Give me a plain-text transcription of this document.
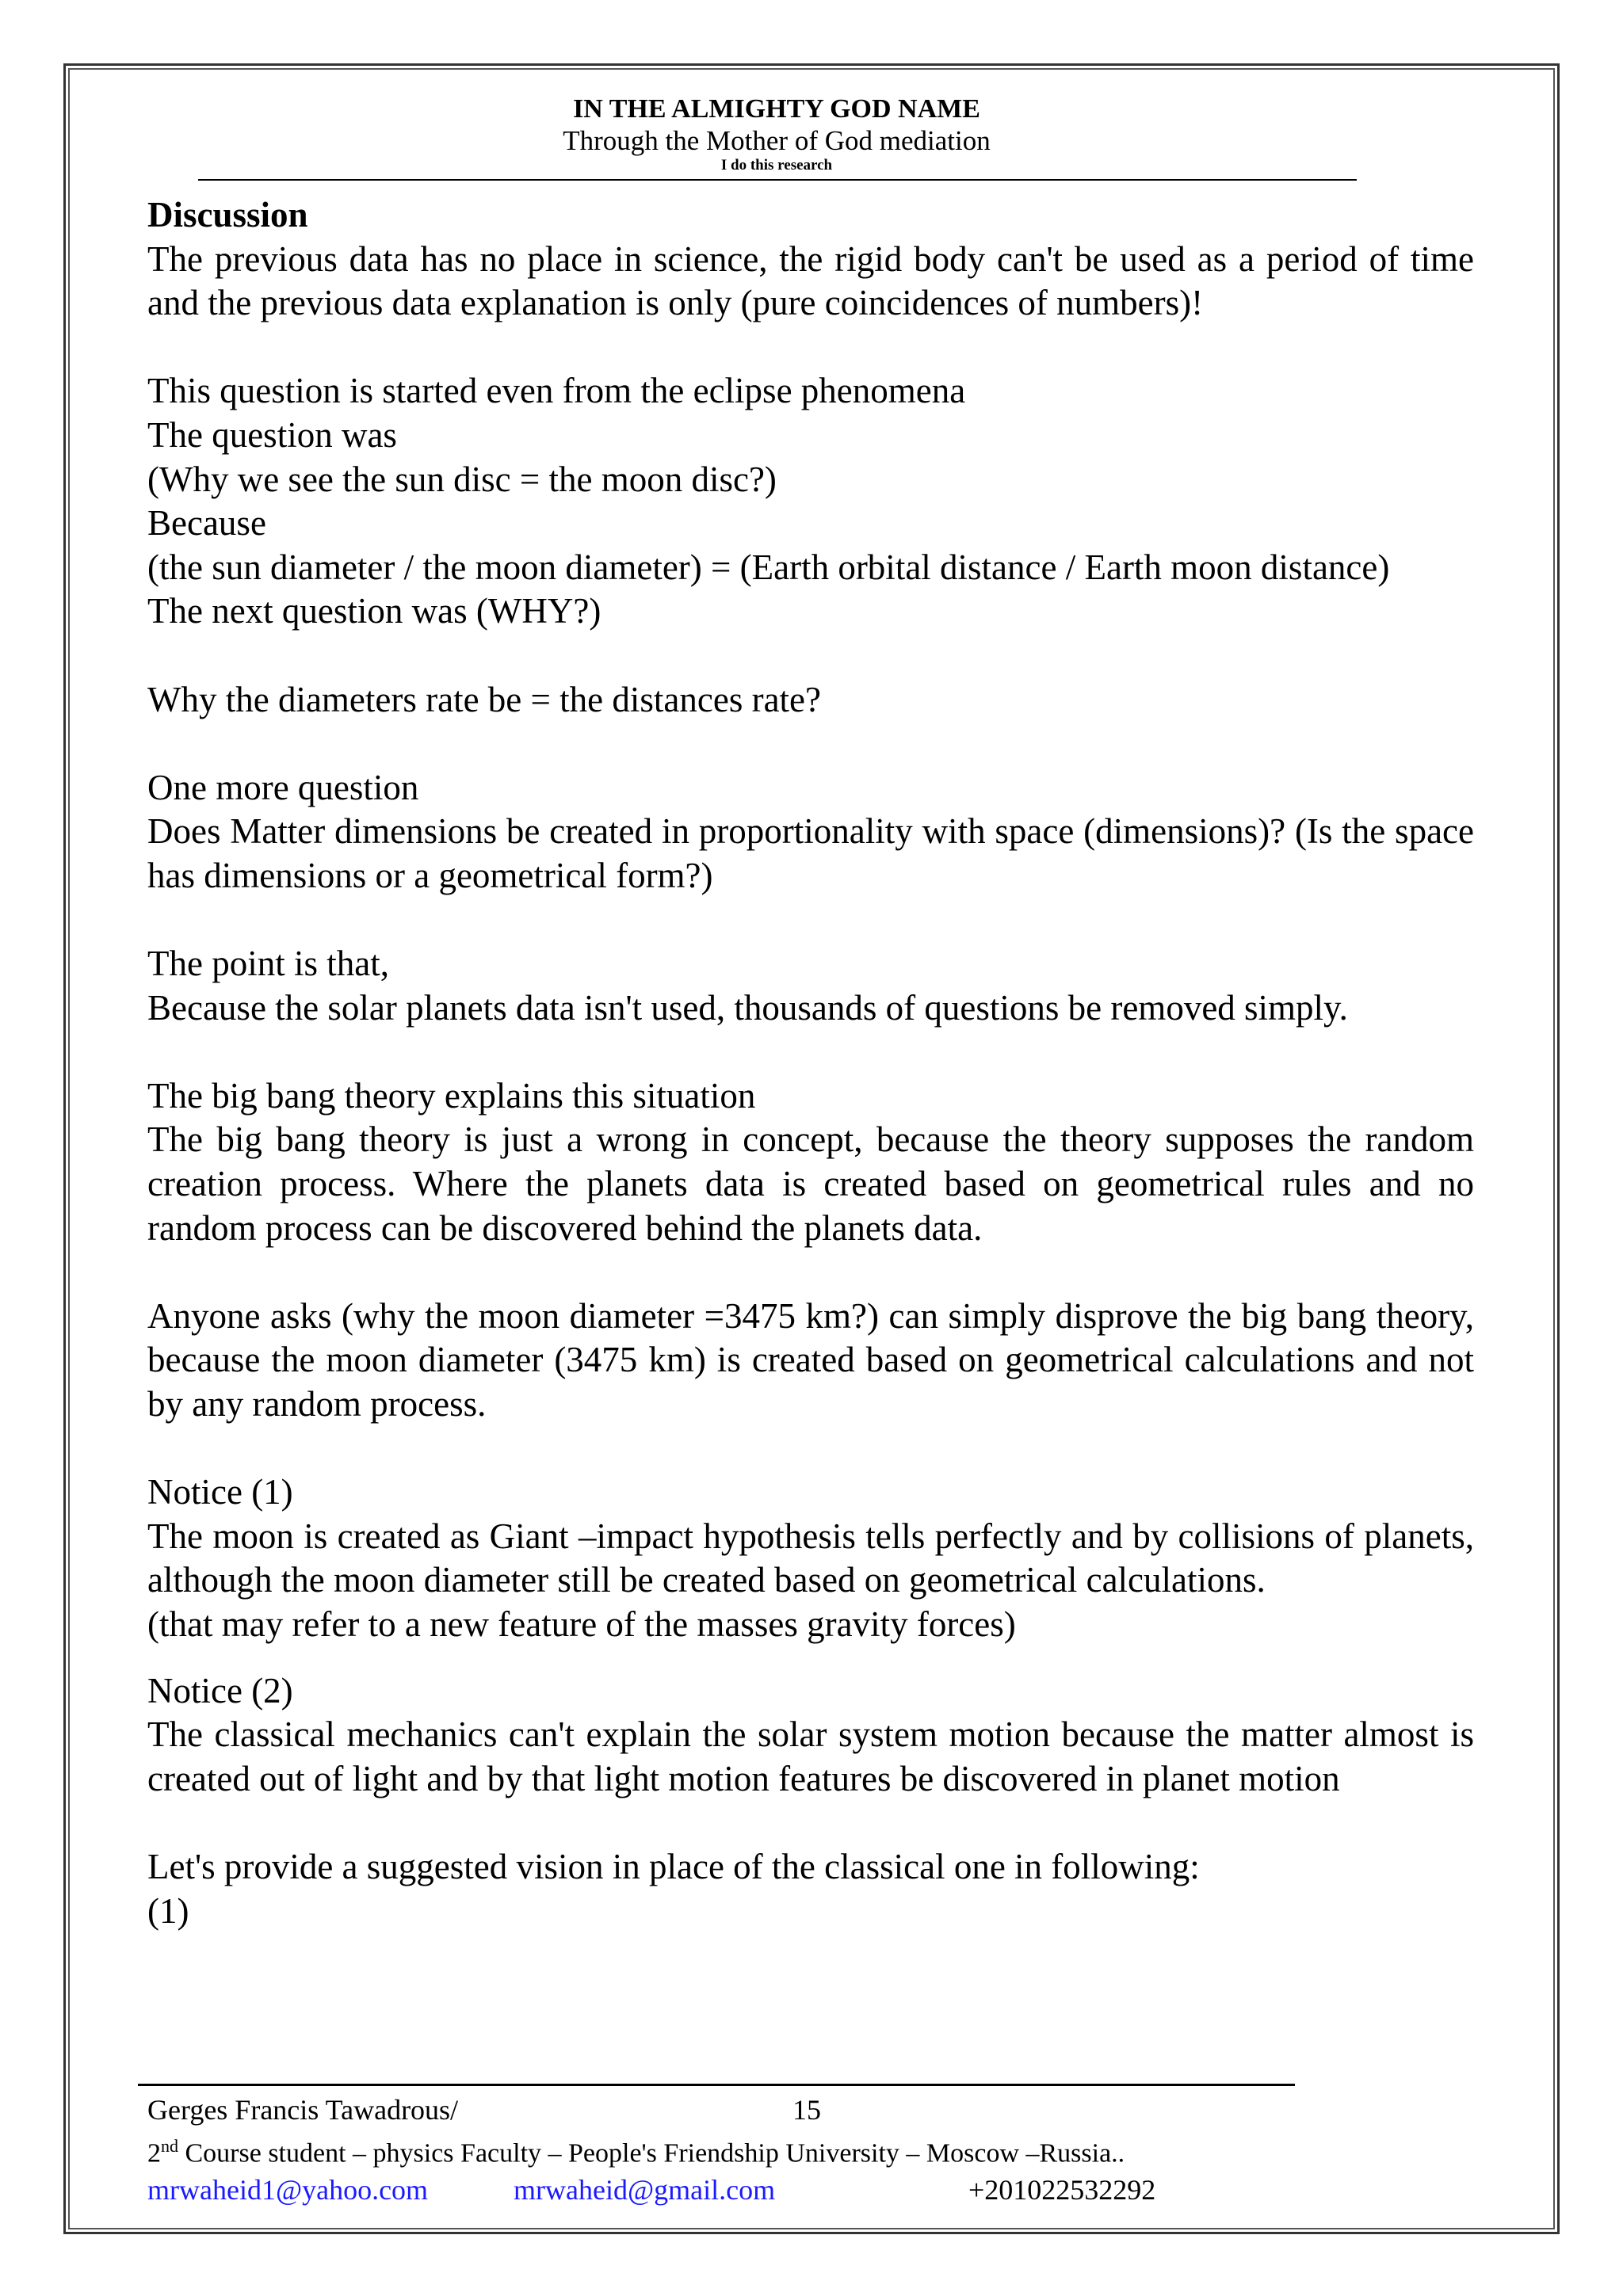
IN THE ALMIGHTY GOD NAME
Through the Mother of God mediation
I do this research

Discussion

The previous data has no place in science, the rigid body can't be used as a period of time and the previous data explanation is only (pure coincidences of numbers)!

This question is started even from the eclipse phenomena

The question was

(Why we see the sun disc = the moon disc?)

Because

(the sun diameter / the moon diameter) = (Earth orbital distance / Earth moon distance)

The next question was (WHY?)

Why the diameters rate be = the distances rate?

One more question

Does Matter dimensions be created in proportionality with space (dimensions)? (Is the space has dimensions or a geometrical form?)

The point is that,

Because the solar planets data isn't used, thousands of questions be removed simply.

The big bang theory explains this situation

The big bang theory is just a wrong in concept, because the theory supposes the random creation process. Where the planets data is created based on geometrical rules and no random process can be discovered behind the planets data.

Anyone asks (why the moon diameter =3475 km?) can simply disprove the big bang theory, because the moon diameter (3475 km) is created based on geometrical calculations and not by any random process.

Notice (1)

The moon is created as Giant –impact hypothesis tells perfectly and by collisions of planets, although the moon diameter still be created based on geometrical calculations.

(that may refer to a new feature of the masses gravity forces)

Notice (2)

The classical mechanics can't explain the solar system motion because the matter almost is created out of light and by that light motion features be discovered in planet motion

Let's provide a suggested vision in place of the classical one in following:

(1)

Gerges Francis Tawadrous/	15
2nd Course student – physics Faculty – People's Friendship University – Moscow –Russia..
mrwaheid1@yahoo.com	mrwaheid@gmail.com	+201022532292
